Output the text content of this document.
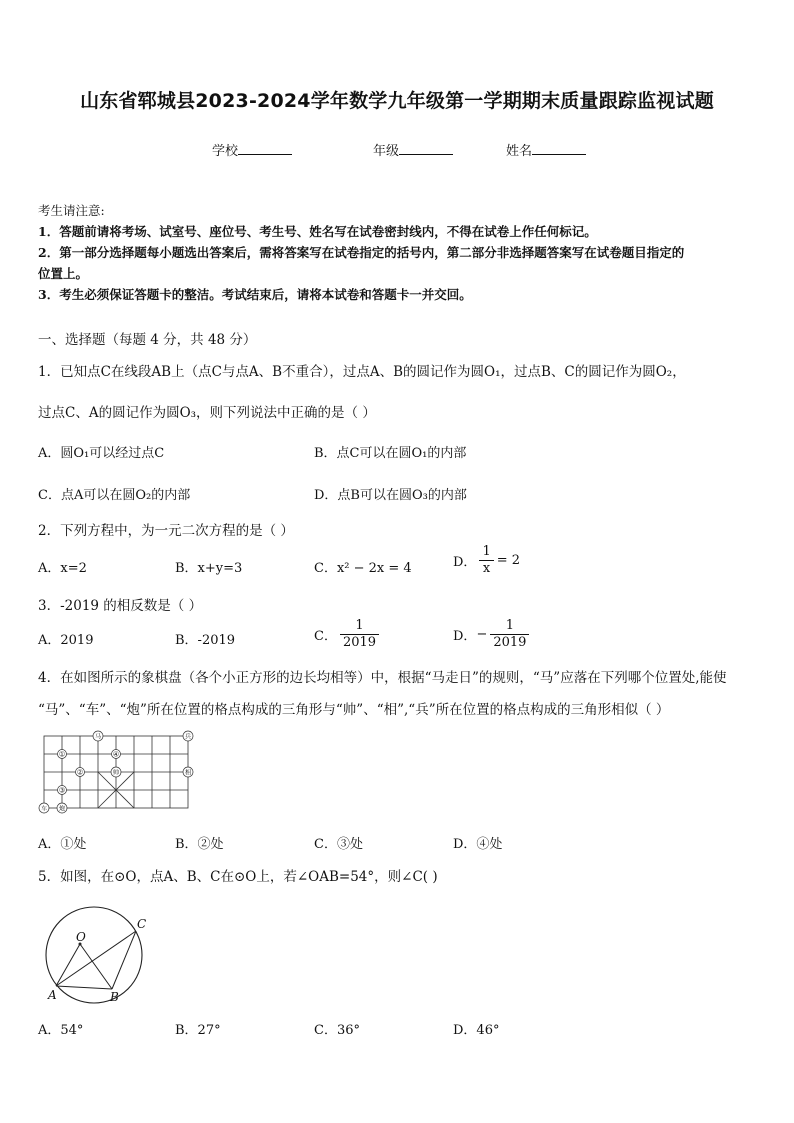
山东省郓城县2023-2024学年数学九年级第一学期期末质量跟踪监视试题
学校	年级	姓名
考生请注意:
1．答题前请将考场、试室号、座位号、考生号、姓名写在试卷密封线内，不得在试卷上作任何标记。
2．第一部分选择题每小题选出答案后，需将答案写在试卷指定的括号内，第二部分非选择题答案写在试卷题目指定的
位置上。
3．考生必须保证答题卡的整洁。考试结束后，请将本试卷和答题卡一并交回。
一、选择题（每题 4 分，共 48 分）
1．已知点C在线段AB上（点C与点A、B不重合），过点A、B的圆记作为圆O₁，过点B、C的圆记作为圆O₂，
过点C、A的圆记作为圆O₃，则下列说法中正确的是（ ）
A．圆O₁可以经过点C	B．点C可以在圆O₁的内部
C．点A可以在圆O₂的内部	D．点B可以在圆O₃的内部
2．下列方程中，为一元二次方程的是（ ）
A．x=2	B．x+y=3	C．x² − 2x = 4	D． $\frac{1}{x} = 2$
3．-2019 的相反数是（ ）
A．2019	B．-2019	C． $\frac{1}{2019}$	D．− $\frac{1}{2019}$
4．在如图所示的象棋盘（各个小正方形的边长均相等）中，根据“马走日”的规则，“马”应落在下列哪个位置处,能使
“马”、“车”、“炮”所在位置的格点构成的三角形与“帅”、“相”,“兵”所在位置的格点构成的三角形相似（ ）
①
②
③
④
马	兵
帅	相
车 炮
A．①处	B．②处	C．③处	D．④处
5．如图，在⊙O，点A、B、C在⊙O上，若∠OAB=54°，则∠C( )
O
A	B
C
A．54°	B．27°	C．36°	D．46°
